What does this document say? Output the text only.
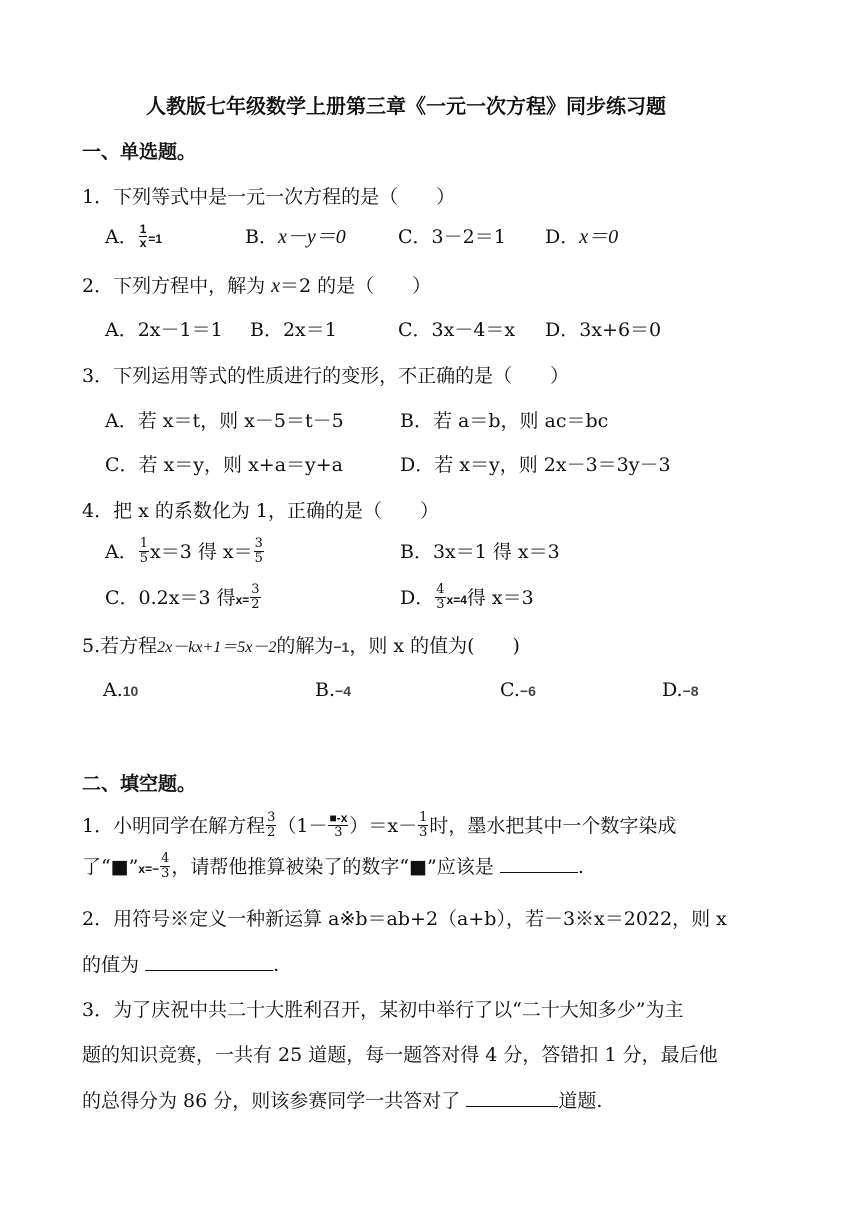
人教版七年级数学上册第三章《一元一次方程》同步练习题
一、单选题。
1．下列等式中是一元一次方程的是（　　）
A． $\frac{1}{x} =1$	B．x－y＝0	C．3－2＝1 D．x＝0
2．下列方程中，解为 x＝2 的是（　　）
A．2x－1＝1 B．2x＝1	C．3x－4＝x D．3x+6＝0
3．下列运用等式的性质进行的变形，不正确的是（　　）
A．若 x＝t，则 x－5＝t－5	B．若 a＝b，则 ac＝bc
C．若 x＝y，则 x+a＝y+a	D．若 x＝y，则 2x－3＝3y－3
4．把 x 的系数化为 1，正确的是（　　）
A． $\frac{1}{5} x=3$ 得 $x= \frac{3}{5}$	B．3x＝1 得 x＝3
C．0.2x＝3 得$x= \frac{3}{2}$	D． $\frac{4}{3} x=4$得 x＝3
5.若方程2x－kx+1＝5x－2的解为−1，则 x 的值为(　　)
A.10	B.−4	C.−6	D.−8
二、填空题。
1．小明同学在解方程 $\frac{3}{2} (1- \frac{■-x}{3} )=x- \frac{1}{3}$ 时，墨水把其中一个数字染成
了“■”x=− $\frac{4}{3}$ ，请帮他推算被染了的数字“■”应该是	.
2．用符号※定义一种新运算 a※b＝ab+2（a+b），若－3※x＝2022，则 x
的值为	.
3．为了庆祝中共二十大胜利召开，某初中举行了以“二十大知多少”为主
题的知识竞赛，一共有 25 道题，每一题答对得 4 分，答错扣 1 分，最后他
的总得分为 86 分，则该参赛同学一共答对了	道题.
